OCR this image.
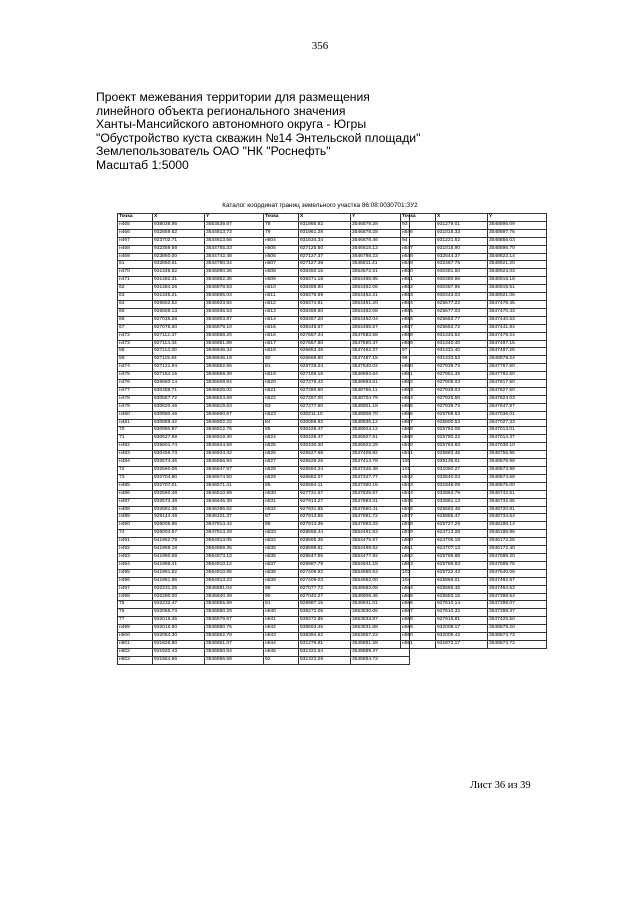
356
Проект межевания территории для размещения
линейного объекта регионального значения
Ханты-Мансийского автономного округа - Югры
"Обустройство куста скважин №14 Энтельской площади"
Землепользователь ОАО "НК "Роснефть"
Масштаб 1:5000
Каталог координат границ земельного участка 86:08:0030701:ЗУ2
Точка	X	Y
н465	939038.95	3553639.87
н466	932859.62	3544813.73
н467	923702.71	3544813.56
н468	932359.58	3544755.33
н469	923860.00	3544742.48
61	932650.61	3544780.34
н470	931345.62	3546890.36
н471	931482.31	3546862.36
62	931484.26	3546878.93
63	931345.21	3546895.03
64	926662.52	3545923.84
65	926669.13	3546936.63
66	927036.28	3546903.87
67	927075.60	3546879.10
н472	927112.37	3546858.20
н473	927114.44	3546851.89
58	927114.20	3546846.34
59	927115.64	3546846.19
н474	927121.94	3546862.65
н475	927164.15	3546869.39
н476	926680.14	3545608.94
н477	930489.71	3546826.02
н478	930567.72	3546824.69
н479	930620.46	3546819.63
н480	930880.46	3546860.57
н481	930888.42	3546902.22
70	930980.97	3546912.75
71	930627.59	3546919.30
н482	935601.74	3545624.59
н483	930456.73	3546924.42
н484	932574.45	3545856.94
72	932560.06	3546647.57
73	932704.80	3546574.50
н485	932707.01	3546571.41
н486	932550.48	3546510.99
н487	932573.48	3546645.39
н488	932681.36	3546286.62
н489	928144.49	3548101.37
н490	926005.86	3547914.44
74	926004.57	3547913.29
н491	941962.79	3554913.05
н492	941969.18	3554859.35
н493	941950.69	3554873.10
н494	941986.41	3554910.12
н495	941981.52	3554910.85
н496	941961.96	3554913.23
н497	932231.25	3546881.04
н498	932280.00	3546840.39
75	932232.47	3546855.89
76	932065.73	3546880.29
77	932016.45	3546879.67
н499	932016.50	3546880.75
н500	932054.30	3546862.79
н501	931826.80	3546861.07
н502	931920.43	3546860.64
н503	931964.66	3546896.68
Точка	X	Y
78	931965.92	3546879.28
79	931961.28	3546878.28
н504	931634.34	3546878.46
н505	927125.50	3546615.12
н506	927127.37	3546798.23
н507	927127.38	3546811.41
н508	938450.16	3554672.61
н509	938471.18	3554496.85
н510	938469.80	3554462.06
н511	938476.69	3554452.21
н512	938474.81	3554451.20
н513	938469.60	3554462.08
н514	938467.20	3554452.04
н515	938445.67	3554486.57
н516	927657.44	3547583.58
н517	927657.80	3547590.37
н518	925653.46	3547492.37
80	925668.90	3547487.15
81	925728.24	3547540.02
н519	927169.16	3548893.64
н520	927279.42	3548893.61
н521	927280.60	3548756.11
н522	927297.00	3548704.79
83	927277.50	3548801.18
н523	930211.10	3548808.70
84	930088.82	3548935.12
85	930428.47	3548924.12
н524	930426.47	3546927.61
н525	930430.30	3546922.29
н526	925627.68	3547409.82
н527	925629.26	3547413.78
н528	925594.24	3547346.38
н529	925582.07	3547347.77
86	925594.11	3547360.15
н530	927731.67	3547825.57
н531	927913.27	3547893.31
н532	927931.85	3547860.41
87	927913.85	3547881.72
88	927913.36	3547893.33
н533	928658.44	3554481.53
н534	928565.35	3554475.67
н535	928598.61	3554489.62
н536	928547.55	3554477.92
н537	928987.79	3554641.18
н538	927408.92	3554860.53
н539	927409.03	3554862.00
89	927077.72	3548582.08
90	927040.27	3548908.46
91	926987.15	3548941.01
н540	938272.06	3553830.05
н541	939272.86	3553833.87
н542	938593.46	3553831.68
н543	938394.62	3553857.23
н544	931279.81	3548891.28
н545	931322.54	3548889.37
92	931322.29	3548894.73
Точка	X	Y
93	931279.01	3548896.09
н546	931018.33	3548897.76
94	931221.52	3548856.03
н547	931018.90	3548896.70
н548	932544.37	3548623.14
н549	932467.76	3548921.20
н550	930481.50	3548923.03
н551	930480.96	3548919.18
н552	930487.95	3548919.51
н553	930443.03	3548921.06
н554	925677.22	3547478.45
н555	925677.03	3547470.43
н556	925653.77	3547440.53
н557	925652.72	3547441.84
н558	931434.52	3547479.24
н559	931440.40	3547487.15
97	931431.40	3547487.25
98	931433.52	3548878.24
н560	927939.72	3547767.60
н561	927951.46	3547782.60
н562	927905.03	3547817.60
н563	927939.03	3547827.60
н564	927925.50	3547824.03
н565	927939.72	3547847.87
н566	925788.53	3547036.01
н567	925800.53	3547027.33
н568	925762.08	3547013.01
н569	925780.22	3547014.37
н570	925763.83	3547036.10
н571	925883.46	3548756.95
100	929136.61	3546878.98
101	931060.27	3546873.98
н572	932540.03	3546874.68
н573	931848.09	3546875.00
н574	932863.79	3546742.51
н575	932861.13	3546732.65
н576	925682.48	3548720.81
н577	925885.47	3548734.64
н578	925727.29	3548186.14
н579	924713.28	3546186.96
н580	924706.19	3546172.25
н581	924707.13	3546172.40
н582	925785.88	3547589.20
н583	925786.93	3547589.75
103	925722.43	3547540.08
104	925866.01	3547492.87
н584	925686.46	3547494.52
н585	925683.15	3547398.54
н586	927610.14	3547398.07
н587	927610.32	3547398.37
н588	927916.81	3547425.50
н589	932008.17	3548878.20
н590	932009.42	3548874.73
н591	931872.17	3548874.72
Лист 36 из 39
